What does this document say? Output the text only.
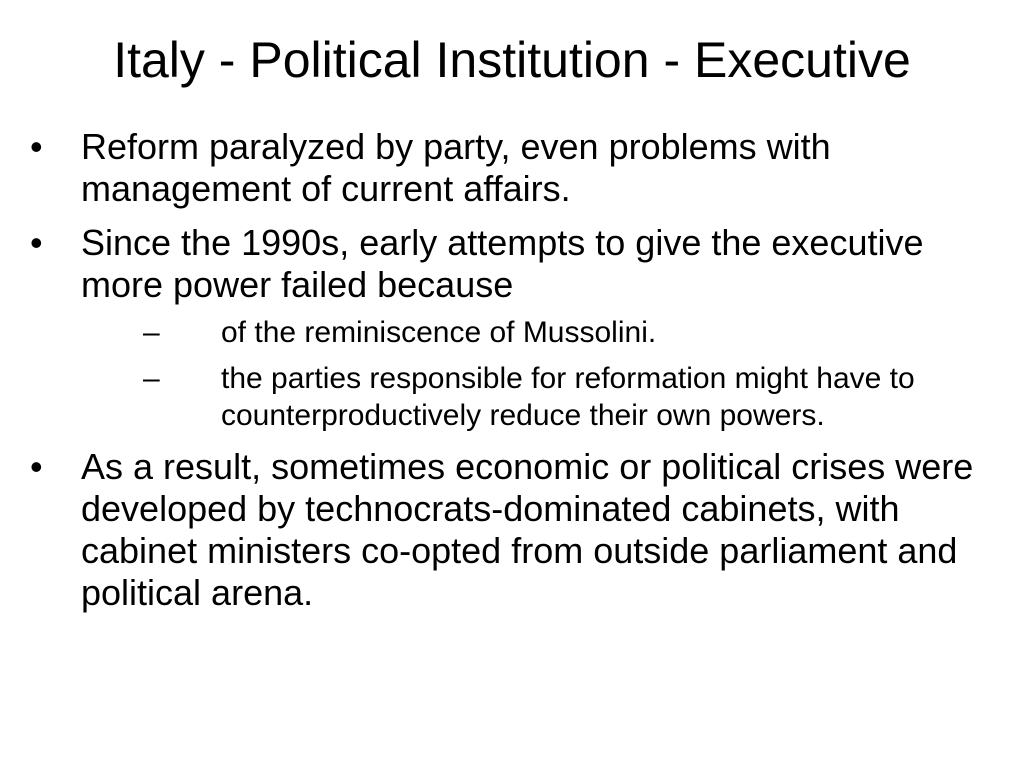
Italy - Political Institution - Executive
• Reform paralyzed by party, even problems with management of current affairs.
• Since the 1990s, early attempts to give the executive more power failed because
– of the reminiscence of Mussolini.
– the parties responsible for reformation might have to counterproductively reduce their own powers.
• As a result, sometimes economic or political crises were developed by technocrats-dominated cabinets, with cabinet ministers co-opted from outside parliament and political arena.
